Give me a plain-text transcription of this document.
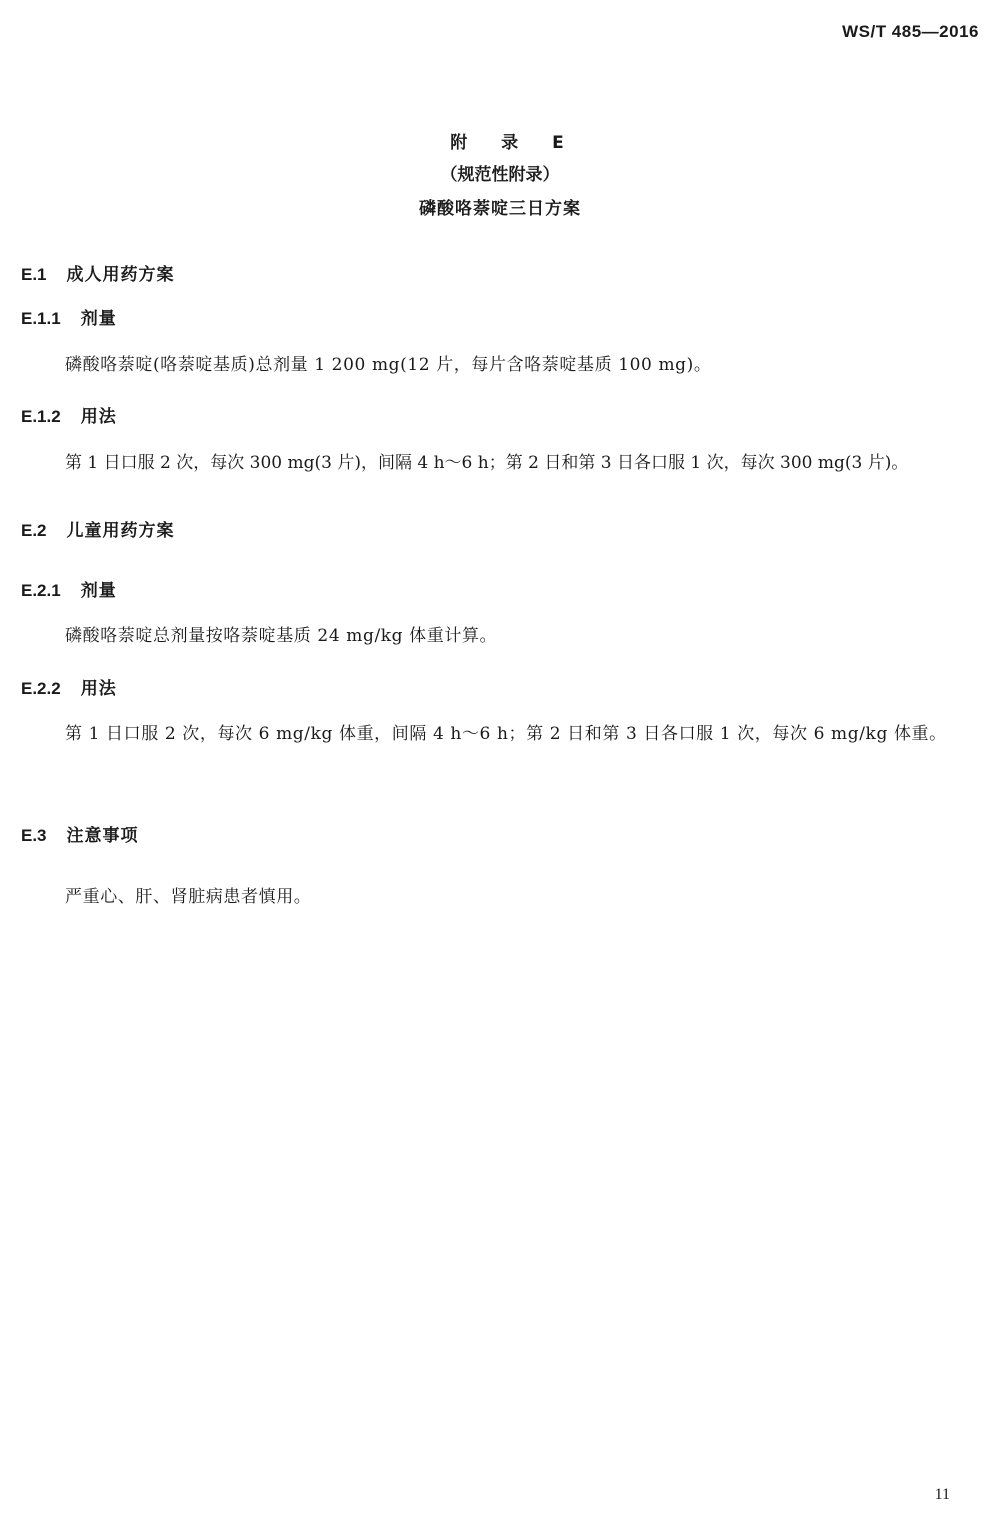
WS/T 485—2016
附 录 E
（规范性附录）
磷酸咯萘啶三日方案
E.1 成人用药方案
E.1.1 剂量
磷酸咯萘啶(咯萘啶基质)总剂量 1 200 mg(12 片，每片含咯萘啶基质 100 mg)。
E.1.2 用法
第 1 日口服 2 次，每次 300 mg(3 片)，间隔 4 h～6 h；第 2 日和第 3 日各口服 1 次，每次 300 mg(3 片)。
E.2 儿童用药方案
E.2.1 剂量
磷酸咯萘啶总剂量按咯萘啶基质 24 mg/kg 体重计算。
E.2.2 用法
第 1 日口服 2 次，每次 6 mg/kg 体重，间隔 4 h～6 h；第 2 日和第 3 日各口服 1 次，每次 6 mg/kg 体重。
E.3 注意事项
严重心、肝、肾脏病患者慎用。
11
